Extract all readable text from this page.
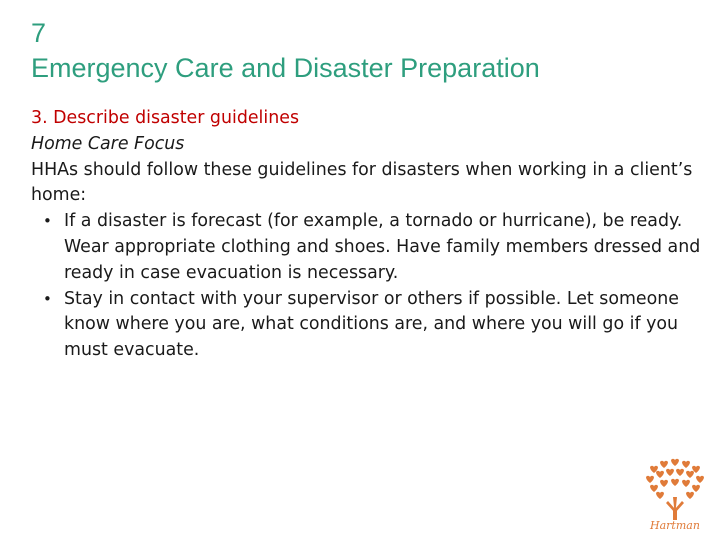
7
Emergency Care and Disaster Preparation
3. Describe disaster guidelines
Home Care Focus
HHAs should follow these guidelines for disasters when working in a client’s home:
• If a disaster is forecast (for example, a tornado or hurricane), be ready. Wear appropriate clothing and shoes. Have family members dressed and ready in case evacuation is necessary.
• Stay in contact with your supervisor or others if possible. Let someone know where you are, what conditions are, and where you will go if you must evacuate.
Hartman
